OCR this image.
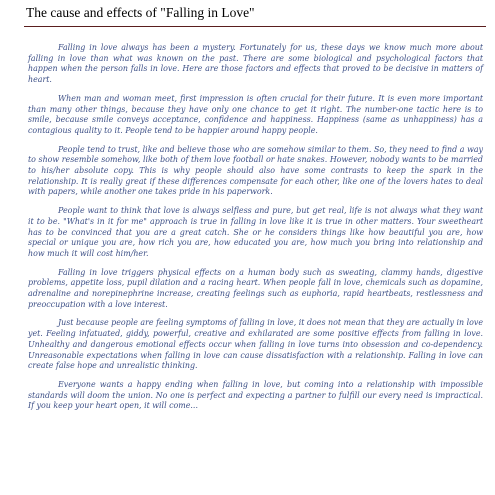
The cause and effects of "Falling in Love"

Falling in love always has been a mystery. Fortunately for us, these days we know much more about falling in love than what was known on the past. There are some biological and psychological factors that happen when the person falls in love. Here are those factors and effects that proved to be decisive in matters of heart.

When man and woman meet, first impression is often crucial for their future. It is even more important than many other things, because they have only one chance to get it right. The number-one tactic here is to smile, because smile conveys acceptance, confidence and happiness. Happiness (same as unhappiness) has a contagious quality to it. People tend to be happier around happy people.

People tend to trust, like and believe those who are somehow similar to them. So, they need to find a way to show resemble somehow, like both of them love football or hate snakes. However, nobody wants to be married to his/her absolute copy. This is why people should also have some contrasts to keep the spark in the relationship. It is really great if these differences compensate for each other, like one of the lovers hates to deal with papers, while another one takes pride in his paperwork.

People want to think that love is always selfless and pure, but get real, life is not always what they want it to be. "What's in it for me" approach is true in falling in love like it is true in other matters. Your sweetheart has to be convinced that you are a great catch. She or he considers things like how beautiful you are, how special or unique you are, how rich you are, how educated you are, how much you bring into relationship and how much it will cost him/her.

Falling in love triggers physical effects on a human body such as sweating, clammy hands, digestive problems, appetite loss, pupil dilation and a racing heart. When people fall in love, chemicals such as dopamine, adrenaline and norepinephrine increase, creating feelings such as euphoria, rapid heartbeats, restlessness and preoccupation with a love interest.

Just because people are feeling symptoms of falling in love, it does not mean that they are actually in love yet. Feeling infatuated, giddy, powerful, creative and exhilarated are some positive effects from falling in love. Unhealthy and dangerous emotional effects occur when falling in love turns into obsession and co-dependency. Unreasonable expectations when falling in love can cause dissatisfaction with a relationship. Falling in love can create false hope and unrealistic thinking.

Everyone wants a happy ending when falling in love, but coming into a relationship with impossible standards will doom the union. No one is perfect and expecting a partner to fulfill our every need is impractical. If you keep your heart open, it will come...
